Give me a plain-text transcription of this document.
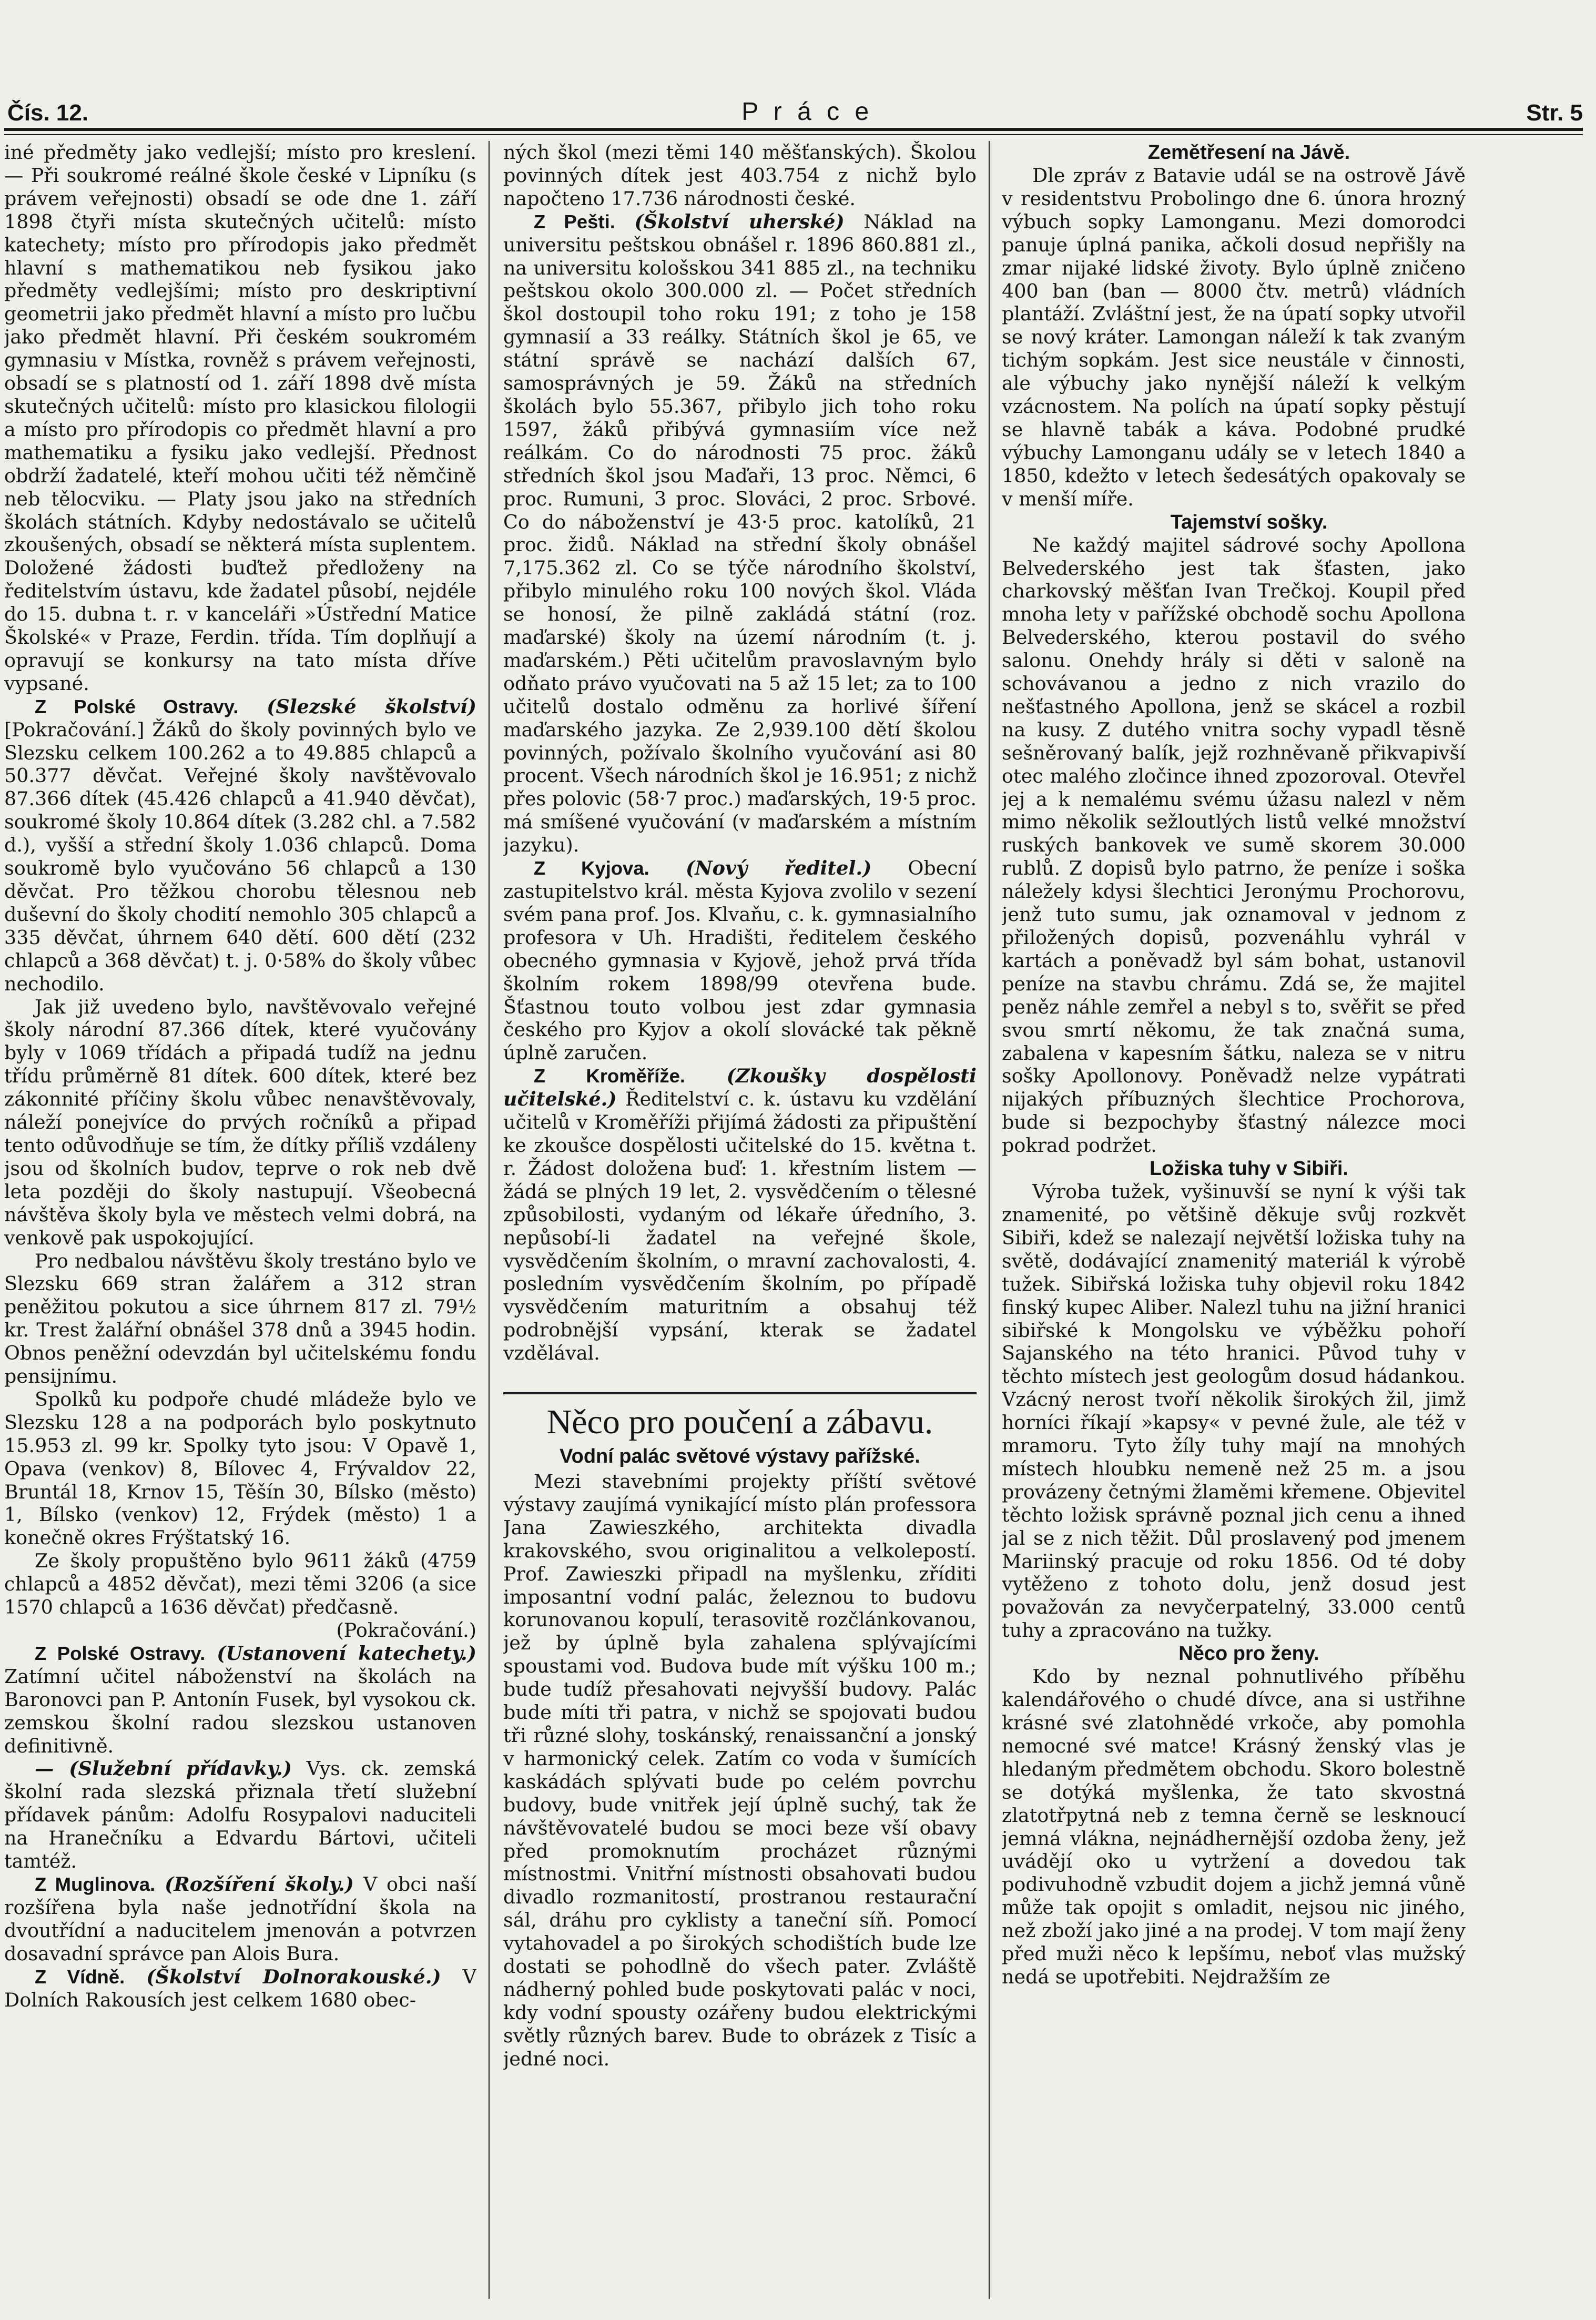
Čís. 12.	P r á c e	Str. 5

iné předměty jako vedlejší; místo pro kreslení. — Při soukromé reálné škole české v Lipníku (s právem veřejnosti) obsadí se ode dne 1. září 1898 čtyři místa skutečných učitelů: místo katechety; místo pro přírodopis jako předmět hlavní s mathematikou neb fysikou jako předměty vedlejšími; místo pro deskriptivní geometrii jako předmět hlavní a místo pro lučbu jako předmět hlavní. Při českém soukromém gymnasiu v Místka, rovněž s právem veřejnosti, obsadí se s platností od 1. září 1898 dvě místa skutečných učitelů: místo pro klasickou filologii a místo pro přírodopis co předmět hlavní a pro mathematiku a fysiku jako vedlejší. Přednost obdrží žadatelé, kteří mohou učiti též němčině neb tělocviku. — Platy jsou jako na středních školách státních. Kdyby nedostávalo se učitelů zkoušených, obsadí se některá místa suplentem. Doložené žádosti buďtež předloženy na ředitelstvím ústavu, kde žadatel působí, nejdéle do 15. dubna t. r. v kanceláři »Ústřední Matice Školské« v Praze, Ferdin. třída. Tím doplňují a opravují se konkursy na tato místa dříve vypsané.

Z Polské Ostravy. (Slezské školství) [Pokračování.] Žáků do školy povinných bylo ve Slezsku celkem 100.262 a to 49.885 chlapců a 50.377 děvčat. Veřejné školy navštěvovalo 87.366 dítek (45.426 chlapců a 41.940 děvčat), soukromé školy 10.864 dítek (3.282 chl. a 7.582 d.), vyšší a střední školy 1.036 chlapců. Doma soukromě bylo vyučováno 56 chlapců a 130 děvčat. Pro těžkou chorobu tělesnou neb duševní do školy chodití nemohlo 305 chlapců a 335 děvčat, úhrnem 640 dětí. 600 dětí (232 chlapců a 368 děvčat) t. j. 0·58% do školy vůbec nechodilo.

Jak již uvedeno bylo, navštěvovalo veřejné školy národní 87.366 dítek, které vyučovány byly v 1069 třídách a připadá tudíž na jednu třídu průměrně 81 dítek. 600 dítek, které bez zákonnité příčiny školu vůbec nenavštěvovaly, náleží ponejvíce do prvých ročníků a připad tento odůvodňuje se tím, že dítky příliš vzdáleny jsou od školních budov, teprve o rok neb dvě leta později do školy nastupují. Všeobecná návštěva školy byla ve městech velmi dobrá, na venkově pak uspokojující.

Pro nedbalou návštěvu školy trestáno bylo ve Slezsku 669 stran žalářem a 312 stran peněžitou pokutou a sice úhrnem 817 zl. 79½ kr. Trest žalářní obnášel 378 dnů a 3945 hodin. Obnos peněžní odevzdán byl učitelskému fondu pensijnímu.

Spolků ku podpoře chudé mládeže bylo ve Slezsku 128 a na podporách bylo poskytnuto 15.953 zl. 99 kr. Spolky tyto jsou: V Opavě 1, Opava (venkov) 8, Bílovec 4, Frývaldov 22, Bruntál 18, Krnov 15, Těšín 30, Bílsko (město) 1, Bílsko (venkov) 12, Frýdek (město) 1 a konečně okres Frýštatský 16.

Ze školy propuštěno bylo 9611 žáků (4759 chlapců a 4852 děvčat), mezi těmi 3206 (a sice 1570 chlapců a 1636 děvčat) předčasně.

(Pokračování.)

Z Polské Ostravy. (Ustanovení katechety.) Zatímní učitel náboženství na školách na Baronovci pan P. Antonín Fusek, byl vysokou ck. zemskou školní radou slezskou ustanoven definitivně.

— (Služební přídavky.) Vys. ck. zemská školní rada slezská přiznala třetí služební přídavek pánům: Adolfu Rosypalovi naduciteli na Hranečníku a Edvardu Bártovi, učiteli tamtéž.

Z Muglinova. (Rozšíření školy.) V obci naší rozšířena byla naše jednotřídní škola na dvoutřídní a naducitelem jmenován a potvrzen dosavadní správce pan Alois Bura.

Z Vídně. (Školství Dolnorakouské.) V Dolních Rakousích jest celkem 1680 obec-

ných škol (mezi těmi 140 měšťanských). Školou povinných dítek jest 403.754 z nichž bylo napočteno 17.736 národnosti české.

Z Pešti. (Školství uherské) Náklad na universitu peštskou obnášel r. 1896 860.881 zl., na universitu kološskou 341 885 zl., na techniku peštskou okolo 300.000 zl. — Počet středních škol dostoupil toho roku 191; z toho je 158 gymnasií a 33 reálky. Státních škol je 65, ve státní správě se nachází dalších 67, samosprávných je 59. Žáků na středních školách bylo 55.367, přibylo jich toho roku 1597, žáků přibývá gymnasiím více než reálkám. Co do národnosti 75 proc. žáků středních škol jsou Maďaři, 13 proc. Němci, 6 proc. Rumuni, 3 proc. Slováci, 2 proc. Srbové. Co do náboženství je 43·5 proc. katolíků, 21 proc. židů. Náklad na střední školy obnášel 7,175.362 zl. Co se týče národního školství, přibylo minulého roku 100 nových škol. Vláda se honosí, že pilně zakládá státní (roz. maďarské) školy na území národním (t. j. maďarském.) Pěti učitelům pravoslavným bylo odňato právo vyučovati na 5 až 15 let; za to 100 učitelů dostalo odměnu za horlivé šíření maďarského jazyka. Ze 2,939.100 dětí školou povinných, požívalo školního vyučování asi 80 procent. Všech národních škol je 16.951; z nichž přes polovic (58·7 proc.) maďarských, 19·5 proc. má smíšené vyučování (v maďarském a místním jazyku).

Z Kyjova. (Nový ředitel.) Obecní zastupitelstvo král. města Kyjova zvolilo v sezení svém pana prof. Jos. Klvaňu, c. k. gymnasialního profesora v Uh. Hradišti, ředitelem českého obecného gymnasia v Kyjově, jehož prvá třída školním rokem 1898/99 otevřena bude. Šťastnou touto volbou jest zdar gymnasia českého pro Kyjov a okolí slovácké tak pěkně úplně zaručen.

Z Kroměříže. (Zkoušky dospělosti učitelské.) Ředitelství c. k. ústavu ku vzdělání učitelů v Kroměříži přijímá žádosti za připuštění ke zkoušce dospělosti učitelské do 15. května t. r. Žádost doložena buď: 1. křestním listem — žádá se plných 19 let, 2. vysvědčením o tělesné způsobilosti, vydaným od lékaře úředního, 3. nepůsobí-li žadatel na veřejné škole, vysvědčením školním, o mravní zachovalosti, 4. posledním vysvědčením školním, po případě vysvědčením maturitním a obsahuj též podrobnější vypsání, kterak se žadatel vzdělával.

Něco pro poučení a zábavu.
Vodní palác světové výstavy pařížské.

Mezi stavebními projekty příští světové výstavy zaujímá vynikající místo plán professora Jana Zawieszkého, architekta divadla krakovského, svou originalitou a velkolepostí. Prof. Zawieszki připadl na myšlenku, zříditi imposantní vodní palác, železnou to budovu korunovanou kopulí, terasovitě rozčlánkovanou, jež by úplně byla zahalena splývajícími spoustami vod. Budova bude mít výšku 100 m.; bude tudíž přesahovati nejvyšší budovy. Palác bude míti tři patra, v nichž se spojovati budou tři různé slohy, toskánský, renaissanční a jonský v harmonický celek. Zatím co voda v šumících kaskádách splývati bude po celém povrchu budovy, bude vnitřek její úplně suchý, tak že návštěvovatelé budou se moci beze vší obavy před promoknutím procházet různými místnostmi. Vnitřní místnosti obsahovati budou divadlo rozmanitostí, prostranou restaurační sál, dráhu pro cyklisty a taneční síň. Pomocí vytahovadel a po širokých schodištích bude lze dostati se pohodlně do všech pater. Zvláště nádherný pohled bude poskytovati palác v noci, kdy vodní spousty ozářeny budou elektrickými světly různých barev. Bude to obrázek z Tisíc a jedné noci.

Zemětřesení na Jávě.

Dle zpráv z Batavie udál se na ostrově Jávě v residentstvu Probolingo dne 6. února hrozný výbuch sopky Lamonganu. Mezi domorodci panuje úplná panika, ačkoli dosud nepřišly na zmar nijaké lidské životy. Bylo úplně zničeno 400 ban (ban — 8000 čtv. metrů) vládních plantáží. Zvláštní jest, že na úpatí sopky utvořil se nový kráter. Lamongan náleží k tak zvaným tichým sopkám. Jest sice neustále v činnosti, ale výbuchy jako nynější náleží k velkým vzácnostem. Na polích na úpatí sopky pěstují se hlavně tabák a káva. Podobné prudké výbuchy Lamonganu udály se v letech 1840 a 1850, kdežto v letech šedesátých opakovaly se v menší míře.

Tajemství sošky.

Ne každý majitel sádrové sochy Apollona Belvederského jest tak šťasten, jako charkovský měšťan Ivan Trečkoj. Koupil před mnoha lety v pařížské obchodě sochu Apollona Belvederského, kterou postavil do svého salonu. Onehdy hrály si děti v saloně na schovávanou a jedno z nich vrazilo do nešťastného Apollona, jenž se skácel a rozbil na kusy. Z dutého vnitra sochy vypadl těsně sešněrovaný balík, jejž rozhněvaně přikvapivší otec malého zločince ihned zpozoroval. Otevřel jej a k nemalému svému úžasu nalezl v něm mimo několik sežloutlých listů velké množství ruských bankovek ve sumě skorem 30.000 rublů. Z dopisů bylo patrno, že peníze i soška náležely kdysi šlechtici Jeronýmu Prochorovu, jenž tuto sumu, jak oznamoval v jednom z přiložených dopisů, pozvenáhlu vyhrál v kartách a poněvadž byl sám bohat, ustanovil peníze na stavbu chrámu. Zdá se, že majitel peněz náhle zemřel a nebyl s to, svěřit se před svou smrtí někomu, že tak značná suma, zabalena v kapesním šátku, naleza se v nitru sošky Apollonovy. Poněvadž nelze vypátrati nijakých příbuzných šlechtice Prochorova, bude si bezpochyby šťastný nálezce moci pokrad podržet.

Ložiska tuhy v Sibiři.

Výroba tužek, vyšinuvší se nyní k výši tak znamenité, po většině děkuje svůj rozkvět Sibiři, kdež se nalezají největší ložiska tuhy na světě, dodávající znamenitý materiál k výrobě tužek. Sibiřská ložiska tuhy objevil roku 1842 finský kupec Aliber. Nalezl tuhu na jižní hranici sibiřské k Mongolsku ve výběžku pohoří Sajanského na této hranici. Původ tuhy v těchto místech jest geologům dosud hádankou. Vzácný nerost tvoří několik širokých žil, jimž horníci říkají »kapsy« v pevné žule, ale též v mramoru. Tyto žíly tuhy mají na mnohých místech hloubku nemeně než 25 m. a jsou provázeny četnými žlaměmi křemene. Objevitel těchto ložisk správně poznal jich cenu a ihned jal se z nich těžit. Důl proslavený pod jmenem Mariinský pracuje od roku 1856. Od té doby vytěženo z tohoto dolu, jenž dosud jest považován za nevyčerpatelný, 33.000 centů tuhy a zpracováno na tužky.

Něco pro ženy.

Kdo by neznal pohnutlivého příběhu kalendářového o chudé dívce, ana si ustřihne krásné své zlatohnědé vrkoče, aby pomohla nemocné své matce! Krásný ženský vlas je hledaným předmětem obchodu. Skoro bolestně se dotýká myšlenka, že tato skvostná zlatotřpytná neb z temna černě se lesknoucí jemná vlákna, nejnádhernější ozdoba ženy, jež uvádějí oko u vytržení a dovedou tak podivuhodně vzbudit dojem a jichž jemná vůně může tak opojit s omladit, nejsou nic jiného, než zboží jako jiné a na prodej. V tom mají ženy před muži něco k lepšímu, neboť vlas mužský nedá se upotřebiti. Nejdražším ze
